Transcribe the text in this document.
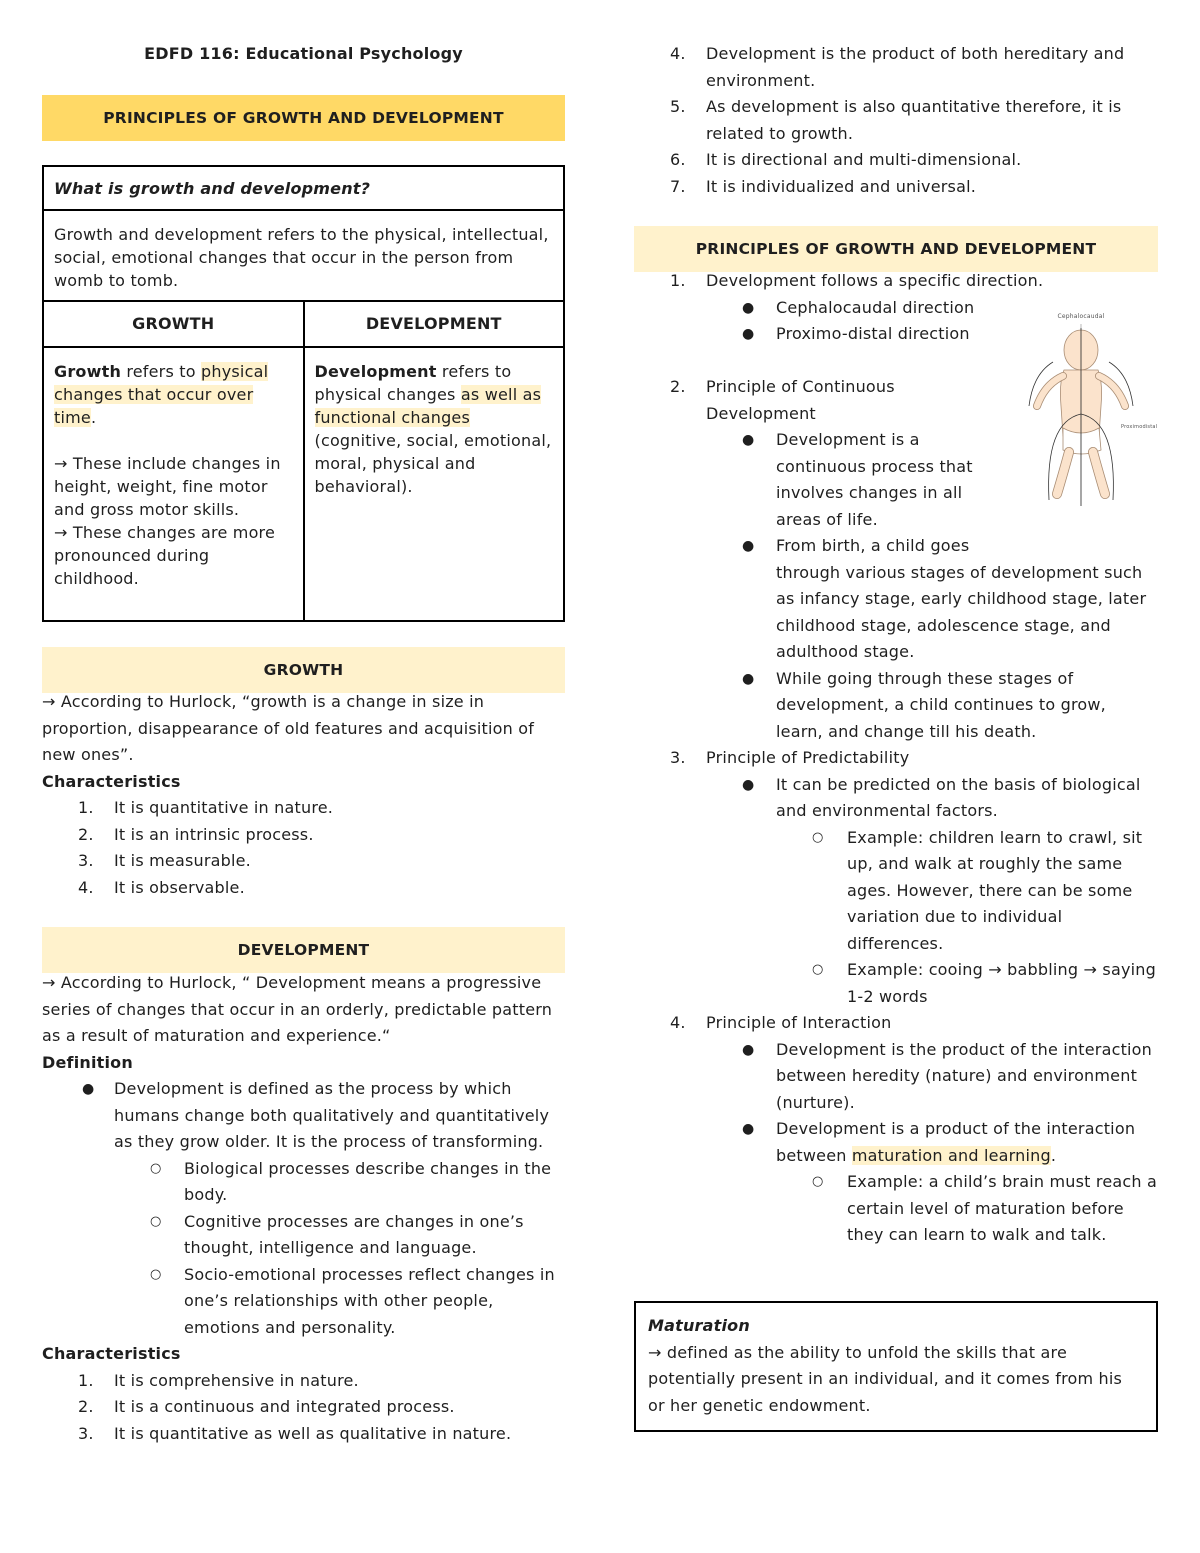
EDFD 116: Educational Psychology
PRINCIPLES OF GROWTH AND DEVELOPMENT
What is growth and development?
Growth and development refers to the physical, intellectual, social, emotional changes that occur in the person from womb to tomb.
GROWTH	DEVELOPMENT
Growth refers to physical changes that occur over time.
→ These include changes in height, weight, fine motor and gross motor skills.
→ These changes are more pronounced during childhood.
Development refers to physical changes as well as functional changes (cognitive, social, emotional, moral, physical and behavioral).
GROWTH
→ According to Hurlock, “growth is a change in size in proportion, disappearance of old features and acquisition of new ones”.
Characteristics
1. It is quantitative in nature.
2. It is an intrinsic process.
3. It is measurable.
4. It is observable.
DEVELOPMENT
→ According to Hurlock, “ Development means a progressive series of changes that occur in an orderly, predictable pattern as a result of maturation and experience.“
Definition
● Development is defined as the process by which humans change both qualitatively and quantitatively as they grow older. It is the process of transforming.
○ Biological processes describe changes in the body.
○ Cognitive processes are changes in one’s thought, intelligence and language.
○ Socio-emotional processes reflect changes in one’s relationships with other people, emotions and personality.
Characteristics
1. It is comprehensive in nature.
2. It is a continuous and integrated process.
3. It is quantitative as well as qualitative in nature.
4. Development is the product of both hereditary and environment.
5. As development is also quantitative therefore, it is related to growth.
6. It is directional and multi-dimensional.
7. It is individualized and universal.
PRINCIPLES OF GROWTH AND DEVELOPMENT
1. Development follows a specific direction.
● Cephalocaudal direction
● Proximo-distal direction
2. Principle of Continuous
Development
● Development is a
continuous process that
involves changes in all
areas of life.
● From birth, a child goes
through various stages of development such as infancy stage, early childhood stage, later childhood stage, adolescence stage, and adulthood stage.
● While going through these stages of development, a child continues to grow, learn, and change till his death.
3. Principle of Predictability
● It can be predicted on the basis of biological and environmental factors.
○ Example: children learn to crawl, sit up, and walk at roughly the same ages. However, there can be some variation due to individual differences.
○ Example: cooing → babbling → saying 1-2 words
4. Principle of Interaction
● Development is the product of the interaction between heredity (nature) and environment (nurture).
● Development is a product of the interaction between maturation and learning.
○ Example: a child’s brain must reach a certain level of maturation before they can learn to walk and talk.
Cephalocaudal
Proximodistal
Maturation
→ defined as the ability to unfold the skills that are potentially present in an individual, and it comes from his or her genetic endowment.
